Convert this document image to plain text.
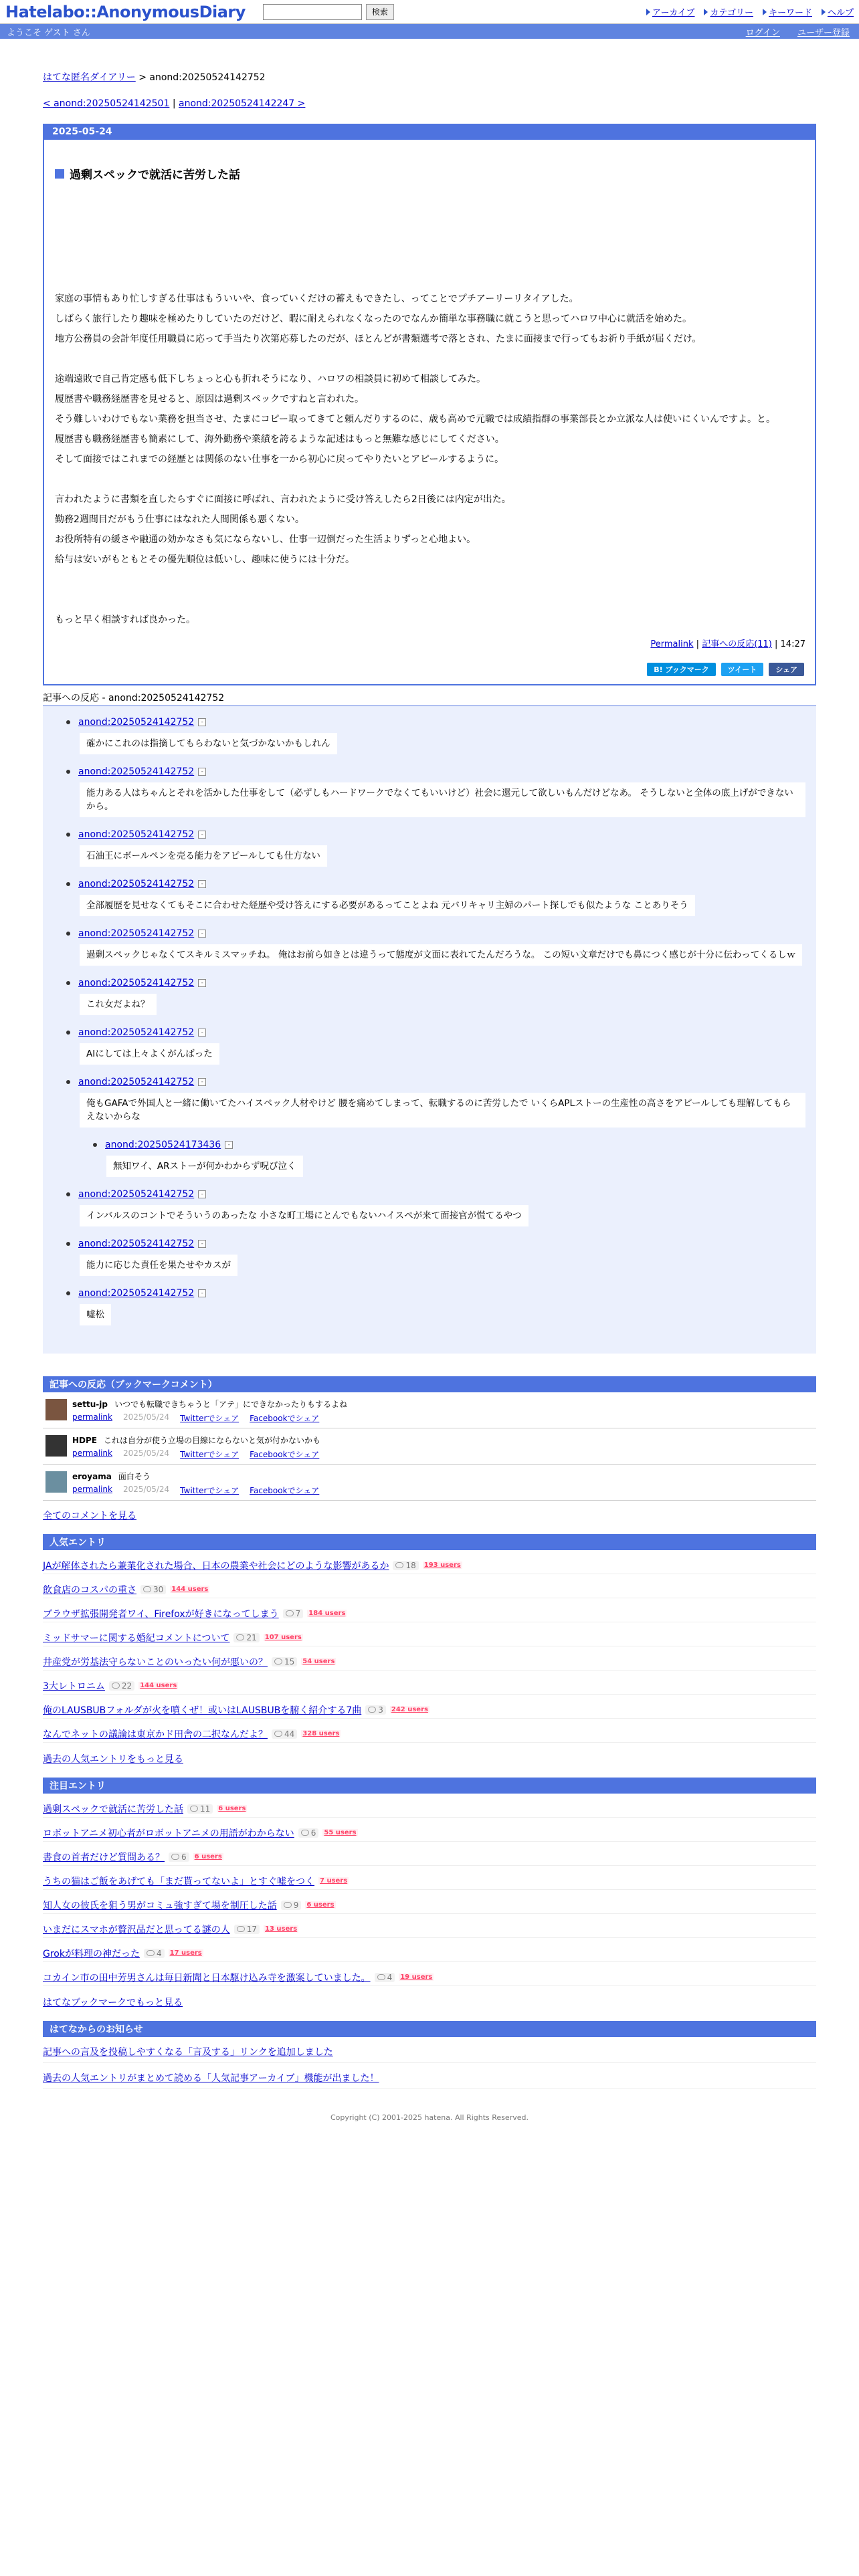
Hatelabo::AnonymousDiary	検索	アーカイブ カテゴリー キーワード ヘルプ
ようこそ ゲスト さん	ログイン ユーザー登録
はてな匿名ダイアリー > anond:20250524142752
< anond:20250524142501 | anond:20250524142247 >
2025-05-24
過剰スペックで就活に苦労した話

家庭の事情もあり忙しすぎる仕事はもういいや、食っていくだけの蓄えもできたし、ってことでプチアーリーリタイアした。

しばらく旅行したり趣味を極めたりしていたのだけど、暇に耐えられなくなったのでなんか簡単な事務職に就こうと思ってハロワ中心に就活を始めた。

地方公務員の会計年度任用職員に応って手当たり次第応募したのだが、ほとんどが書類選考で落とされ、たまに面接まで行ってもお祈り手紙が届くだけ。

途端遠敗で自己肯定感も低下しちょっと心も折れそうになり、ハロワの相談員に初めて相談してみた。

履歴書や職務経歴書を見せると、原因は過剰スペックですねと言われた。

そう難しいわけでもない業務を担当させ、たまにコピー取ってきてと頼んだりするのに、歳も高めで元職では成績指群の事業部長とか立派な人は使いにくいんですよ。と。

履歴書も職務経歴書も簡素にして、海外勤務や業績を誇るような記述はもっと無難な感じにしてください。

そして面接ではこれまでの経歴とは関係のない仕事を一から初心に戻ってやりたいとアピールするように。

言われたように書類を直したらすぐに面接に呼ばれ、言われたように受け答えしたら2日後には内定が出た。

勤務2週間目だがもう仕事にはなれた人間関係も悪くない。

お役所特有の緩さや融通の効かなさも気にならないし、仕事一辺倒だった生活よりずっと心地よい。

給与は安いがもともとその優先順位は低いし、趣味に使うには十分だ。

もっと早く相談すれば良かった。

Permalink | 記事への反応(11) | 14:27
B! ブックマーク	ツイート	シェア
記事への反応 - anond:20250524142752
anond:20250524142752	-
確かにこれのは指摘してもらわないと気づかないかもしれん
anond:20250524142752	-
能力ある人はちゃんとそれを活かした仕事をして（必ずしもハードワークでなくてもいいけど）社会に還元して欲しいもんだけどなあ。 そうしないと全体の底上げができないから。
anond:20250524142752	-
石油王にボールペンを売る能力をアピールしても仕方ない
anond:20250524142752	-
全部履歴を見せなくてもそこに合わせた経歴や受け答えにする必要があるってことよね 元バリキャリ主婦のパート探しでも似たような ことありそう
anond:20250524142752	-
過剰スペックじゃなくてスキルミスマッチね。 俺はお前ら如きとは違うって態度が文面に表れてたんだろうな。 この短い文章だけでも鼻につく感じが十分に伝わってくるしｗ
anond:20250524142752	-
これ女だよね？
anond:20250524142752	-
AIにしては上々よくがんばった
anond:20250524142752	-
俺もGAFAで外国人と一緒に働いてたハイスペック人材やけど 腰を痛めてしまって、転職するのに苦労したで いくらAPLストーの生産性の高さをアピールしても理解してもらえないからな
anond:20250524173436	-
無知ワイ、ARストーが何かわからず呪び泣く
anond:20250524142752	-
インバルスのコントでそういうのあったな 小さな町工場にとんでもないハイスペが来て面接官が慌てるやつ
anond:20250524142752	-
能力に応じた責任を果たせやカスが
anond:20250524142752	-
嘘松
記事への反応（ブックマークコメント）
settu-jp いつでも転職できちゃうと「アテ」にできなかったりもするよね
permalink 2025/05/24 Twitterでシェア Facebookでシェア
HDPE これは自分が使う立場の目線にならないと気が付かないかも
permalink 2025/05/24 Twitterでシェア Facebookでシェア
eroyama 面白そう
permalink 2025/05/24 Twitterでシェア Facebookでシェア
全てのコメントを見る
人気エントリ
JAが解体されたら兼業化された場合、日本の農業や社会にどのような影響があるか 18 193 users
飲食店のコスパの重さ 30 144 users
ブラウザ拡張開発者ワイ、Firefoxが好きになってしまう 7 184 users
ミッドサマーに関する婚紀コメントについて 21 107 users
井産党が労基法守らないことのいったい何が悪いの？ 15 54 users
3大レトロニム 22 144 users
俺のLAUSBUBフォルダが火を噴くぜ！或いはLAUSBUBを腑く紹介する7曲 3 242 users
なんでネットの議論は東京かド田舎の二択なんだよ？ 44 328 users
過去の人気エントリをもっと見る
注目エントリ
過剰スペックで就活に苦労した話 11 6 users
ロボットアニメ初心者がロボットアニメの用語がわからない 6 55 users
書食の首者だけど質問ある？ 6 6 users
うちの猫はご飯をあげても「まだ貰ってないよ」とすぐ嘘をつく 7 users
知人女の彼氏を狙う男がコミュ強すぎて場を制圧した話 9 6 users
いまだにスマホが贅沢品だと思ってる謎の人 17 13 users
Grokが料理の神だった 4 17 users
コカイン市の田中芳男さんは毎日新聞と日本駆け込み寺を激案していました。 4 19 users
はてなブックマークでもっと見る
はてなからのお知らせ
記事への言及を投稿しやすくなる「言及する」リンクを追加しました
過去の人気エントリがまとめて読める「人気記事アーカイブ」機能が出ました！
Copyright (C) 2001-2025 hatena. All Rights Reserved.
